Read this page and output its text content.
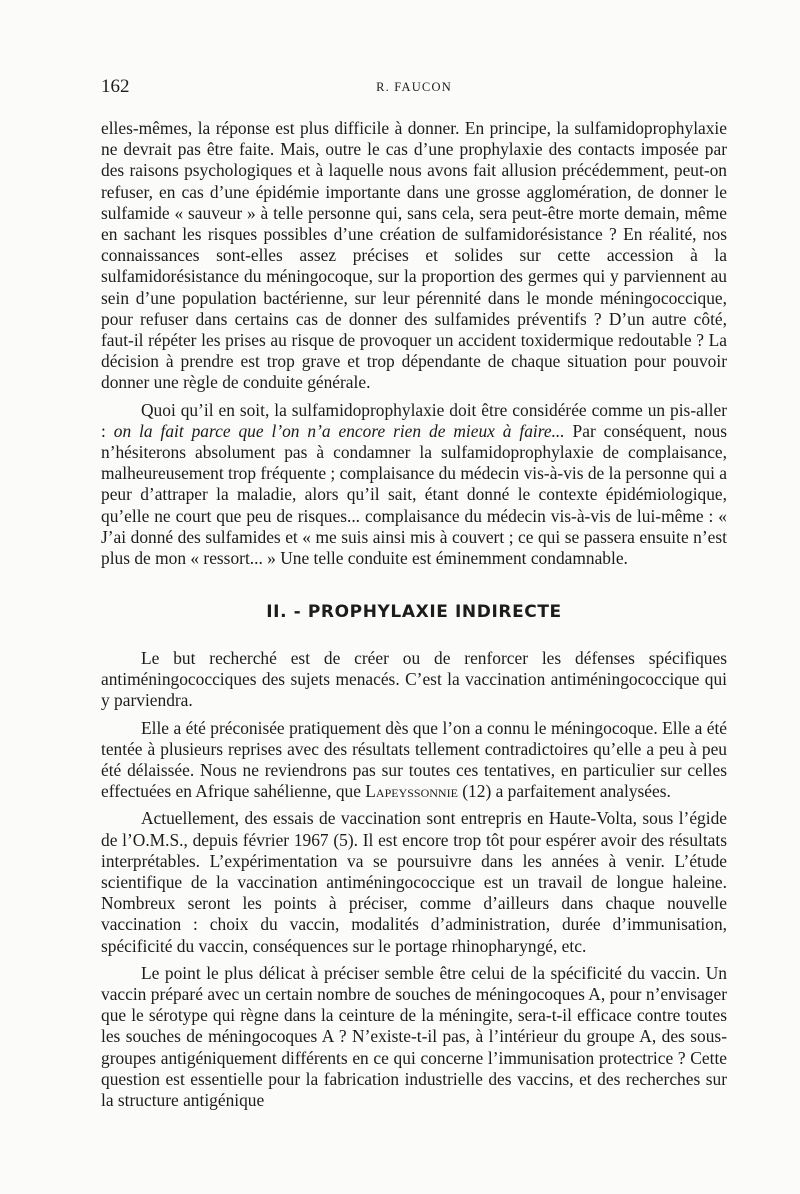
162	R. FAUCON

elles-mêmes, la réponse est plus difficile à donner. En principe, la sulfamidoprophylaxie ne devrait pas être faite. Mais, outre le cas d’une prophylaxie des contacts imposée par des raisons psychologiques et à laquelle nous avons fait allusion précédemment, peut-on refuser, en cas d’une épidémie importante dans une grosse agglomération, de donner le sulfamide « sauveur » à telle personne qui, sans cela, sera peut-être morte demain, même en sachant les risques possibles d’une création de sulfamidorésistance ? En réalité, nos connaissances sont-elles assez précises et solides sur cette accession à la sulfamidorésistance du méningocoque, sur la proportion des germes qui y parviennent au sein d’une population bactérienne, sur leur pérennité dans le monde méningococcique, pour refuser dans certains cas de donner des sulfamides préventifs ? D’un autre côté, faut-il répéter les prises au risque de provoquer un accident toxidermique redoutable ? La décision à prendre est trop grave et trop dépendante de chaque situation pour pouvoir donner une règle de conduite générale.

Quoi qu’il en soit, la sulfamidoprophylaxie doit être considérée comme un pis-aller : on la fait parce que l’on n’a encore rien de mieux à faire... Par conséquent, nous n’hésiterons absolument pas à condamner la sulfamidoprophylaxie de complaisance, malheureusement trop fréquente ; complaisance du médecin vis-à-vis de la personne qui a peur d’attraper la maladie, alors qu’il sait, étant donné le contexte épidémiologique, qu’elle ne court que peu de risques... complaisance du médecin vis-à-vis de lui-même : « J’ai donné des sulfamides et « me suis ainsi mis à couvert ; ce qui se passera ensuite n’est plus de mon « ressort... » Une telle conduite est éminemment condamnable.

II. - PROPHYLAXIE INDIRECTE

Le but recherché est de créer ou de renforcer les défenses spécifiques antiméningococciques des sujets menacés. C’est la vaccination antiméningococcique qui y parviendra.

Elle a été préconisée pratiquement dès que l’on a connu le méningocoque. Elle a été tentée à plusieurs reprises avec des résultats tellement contradictoires qu’elle a peu à peu été délaissée. Nous ne reviendrons pas sur toutes ces tentatives, en particulier sur celles effectuées en Afrique sahélienne, que Lapeyssonnie (12) a parfaitement analysées.

Actuellement, des essais de vaccination sont entrepris en Haute-Volta, sous l’égide de l’O.M.S., depuis février 1967 (5). Il est encore trop tôt pour espérer avoir des résultats interprétables. L’expérimentation va se poursuivre dans les années à venir. L’étude scientifique de la vaccination antiméningococcique est un travail de longue haleine. Nombreux seront les points à préciser, comme d’ailleurs dans chaque nouvelle vaccination : choix du vaccin, modalités d’administration, durée d’immunisation, spécificité du vaccin, conséquences sur le portage rhinopharyngé, etc.

Le point le plus délicat à préciser semble être celui de la spécificité du vaccin. Un vaccin préparé avec un certain nombre de souches de méningocoques A, pour n’envisager que le sérotype qui règne dans la ceinture de la méningite, sera-t-il efficace contre toutes les souches de méningocoques A ? N’existe-t-il pas, à l’intérieur du groupe A, des sous-groupes antigéniquement différents en ce qui concerne l’immunisation protectrice ? Cette question est essentielle pour la fabrication industrielle des vaccins, et des recherches sur la structure antigénique
